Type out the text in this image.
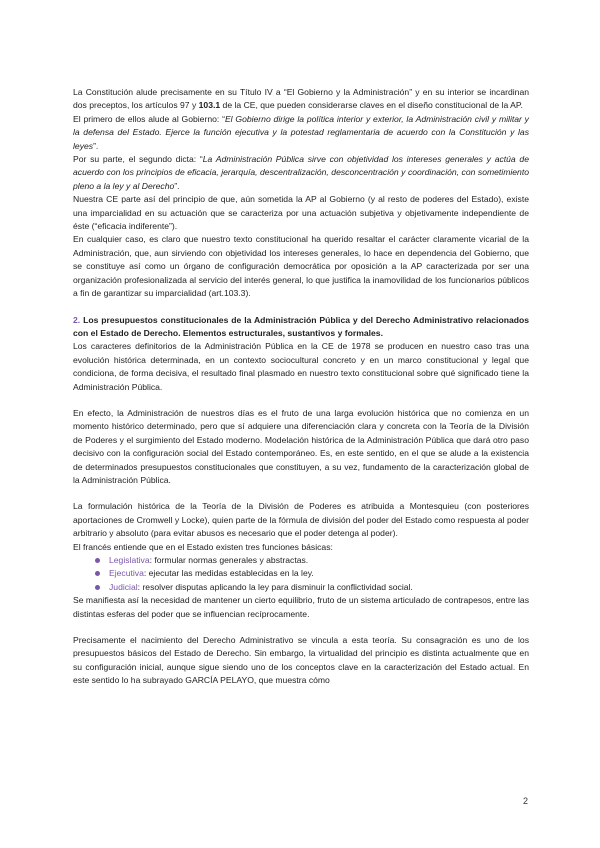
La Constitución alude precisamente en su Título IV a “El Gobierno y la Administración” y en su interior se incardinan dos preceptos, los artículos 97 y 103.1 de la CE, que pueden considerarse claves en el diseño constitucional de la AP.

El primero de ellos alude al Gobierno: “El Gobierno dirige la política interior y exterior, la Administración civil y militar y la defensa del Estado. Ejerce la función ejecutiva y la potestad reglamentaria de acuerdo con la Constitución y las leyes”.

Por su parte, el segundo dicta: “La Administración Pública sirve con objetividad los intereses generales y actúa de acuerdo con los principios de eficacia, jerarquía, descentralización, desconcentración y coordinación, con sometimiento pleno a la ley y al Derecho”.

Nuestra CE parte así del principio de que, aún sometida la AP al Gobierno (y al resto de poderes del Estado), existe una imparcialidad en su actuación que se caracteriza por una actuación subjetiva y objetivamente independiente de éste (“eficacia indiferente”).

En cualquier caso, es claro que nuestro texto constitucional ha querido resaltar el carácter claramente vicarial de la Administración, que, aun sirviendo con objetividad los intereses generales, lo hace en dependencia del Gobierno, que se constituye así como un órgano de configuración democrática por oposición a la AP caracterizada por ser una organización profesionalizada al servicio del interés general, lo que justifica la inamovilidad de los funcionarios públicos a fin de garantizar su imparcialidad (art.103.3).

2. Los presupuestos constitucionales de la Administración Pública y del Derecho Administrativo relacionados con el Estado de Derecho. Elementos estructurales, sustantivos y formales.

Los caracteres definitorios de la Administración Pública en la CE de 1978 se producen en nuestro caso tras una evolución histórica determinada, en un contexto sociocultural concreto y en un marco constitucional y legal que condiciona, de forma decisiva, el resultado final plasmado en nuestro texto constitucional sobre qué significado tiene la Administración Pública.

En efecto, la Administración de nuestros días es el fruto de una larga evolución histórica que no comienza en un momento histórico determinado, pero que sí adquiere una diferenciación clara y concreta con la Teoría de la División de Poderes y el surgimiento del Estado moderno. Modelación histórica de la Administración Pública que dará otro paso decisivo con la configuración social del Estado contemporáneo. Es, en este sentido, en el que se alude a la existencia de determinados presupuestos constitucionales que constituyen, a su vez, fundamento de la caracterización global de la Administración Pública.

La formulación histórica de la Teoría de la División de Poderes es atribuida a Montesquieu (con posteriores aportaciones de Cromwell y Locke), quien parte de la fórmula de división del poder del Estado como respuesta al poder arbitrario y absoluto (para evitar abusos es necesario que el poder detenga al poder).

El francés entiende que en el Estado existen tres funciones básicas:

Legislativa: formular normas generales y abstractas.
Ejecutiva: ejecutar las medidas establecidas en la ley.
Judicial: resolver disputas aplicando la ley para disminuir la conflictividad social.

Se manifiesta así la necesidad de mantener un cierto equilibrio, fruto de un sistema articulado de contrapesos, entre las distintas esferas del poder que se influencian recíprocamente.

Precisamente el nacimiento del Derecho Administrativo se vincula a esta teoría. Su consagración es uno de los presupuestos básicos del Estado de Derecho. Sin embargo, la virtualidad del principio es distinta actualmente que en su configuración inicial, aunque sigue siendo uno de los conceptos clave en la caracterización del Estado actual. En este sentido lo ha subrayado GARCÍA PELAYO, que muestra cómo

2
